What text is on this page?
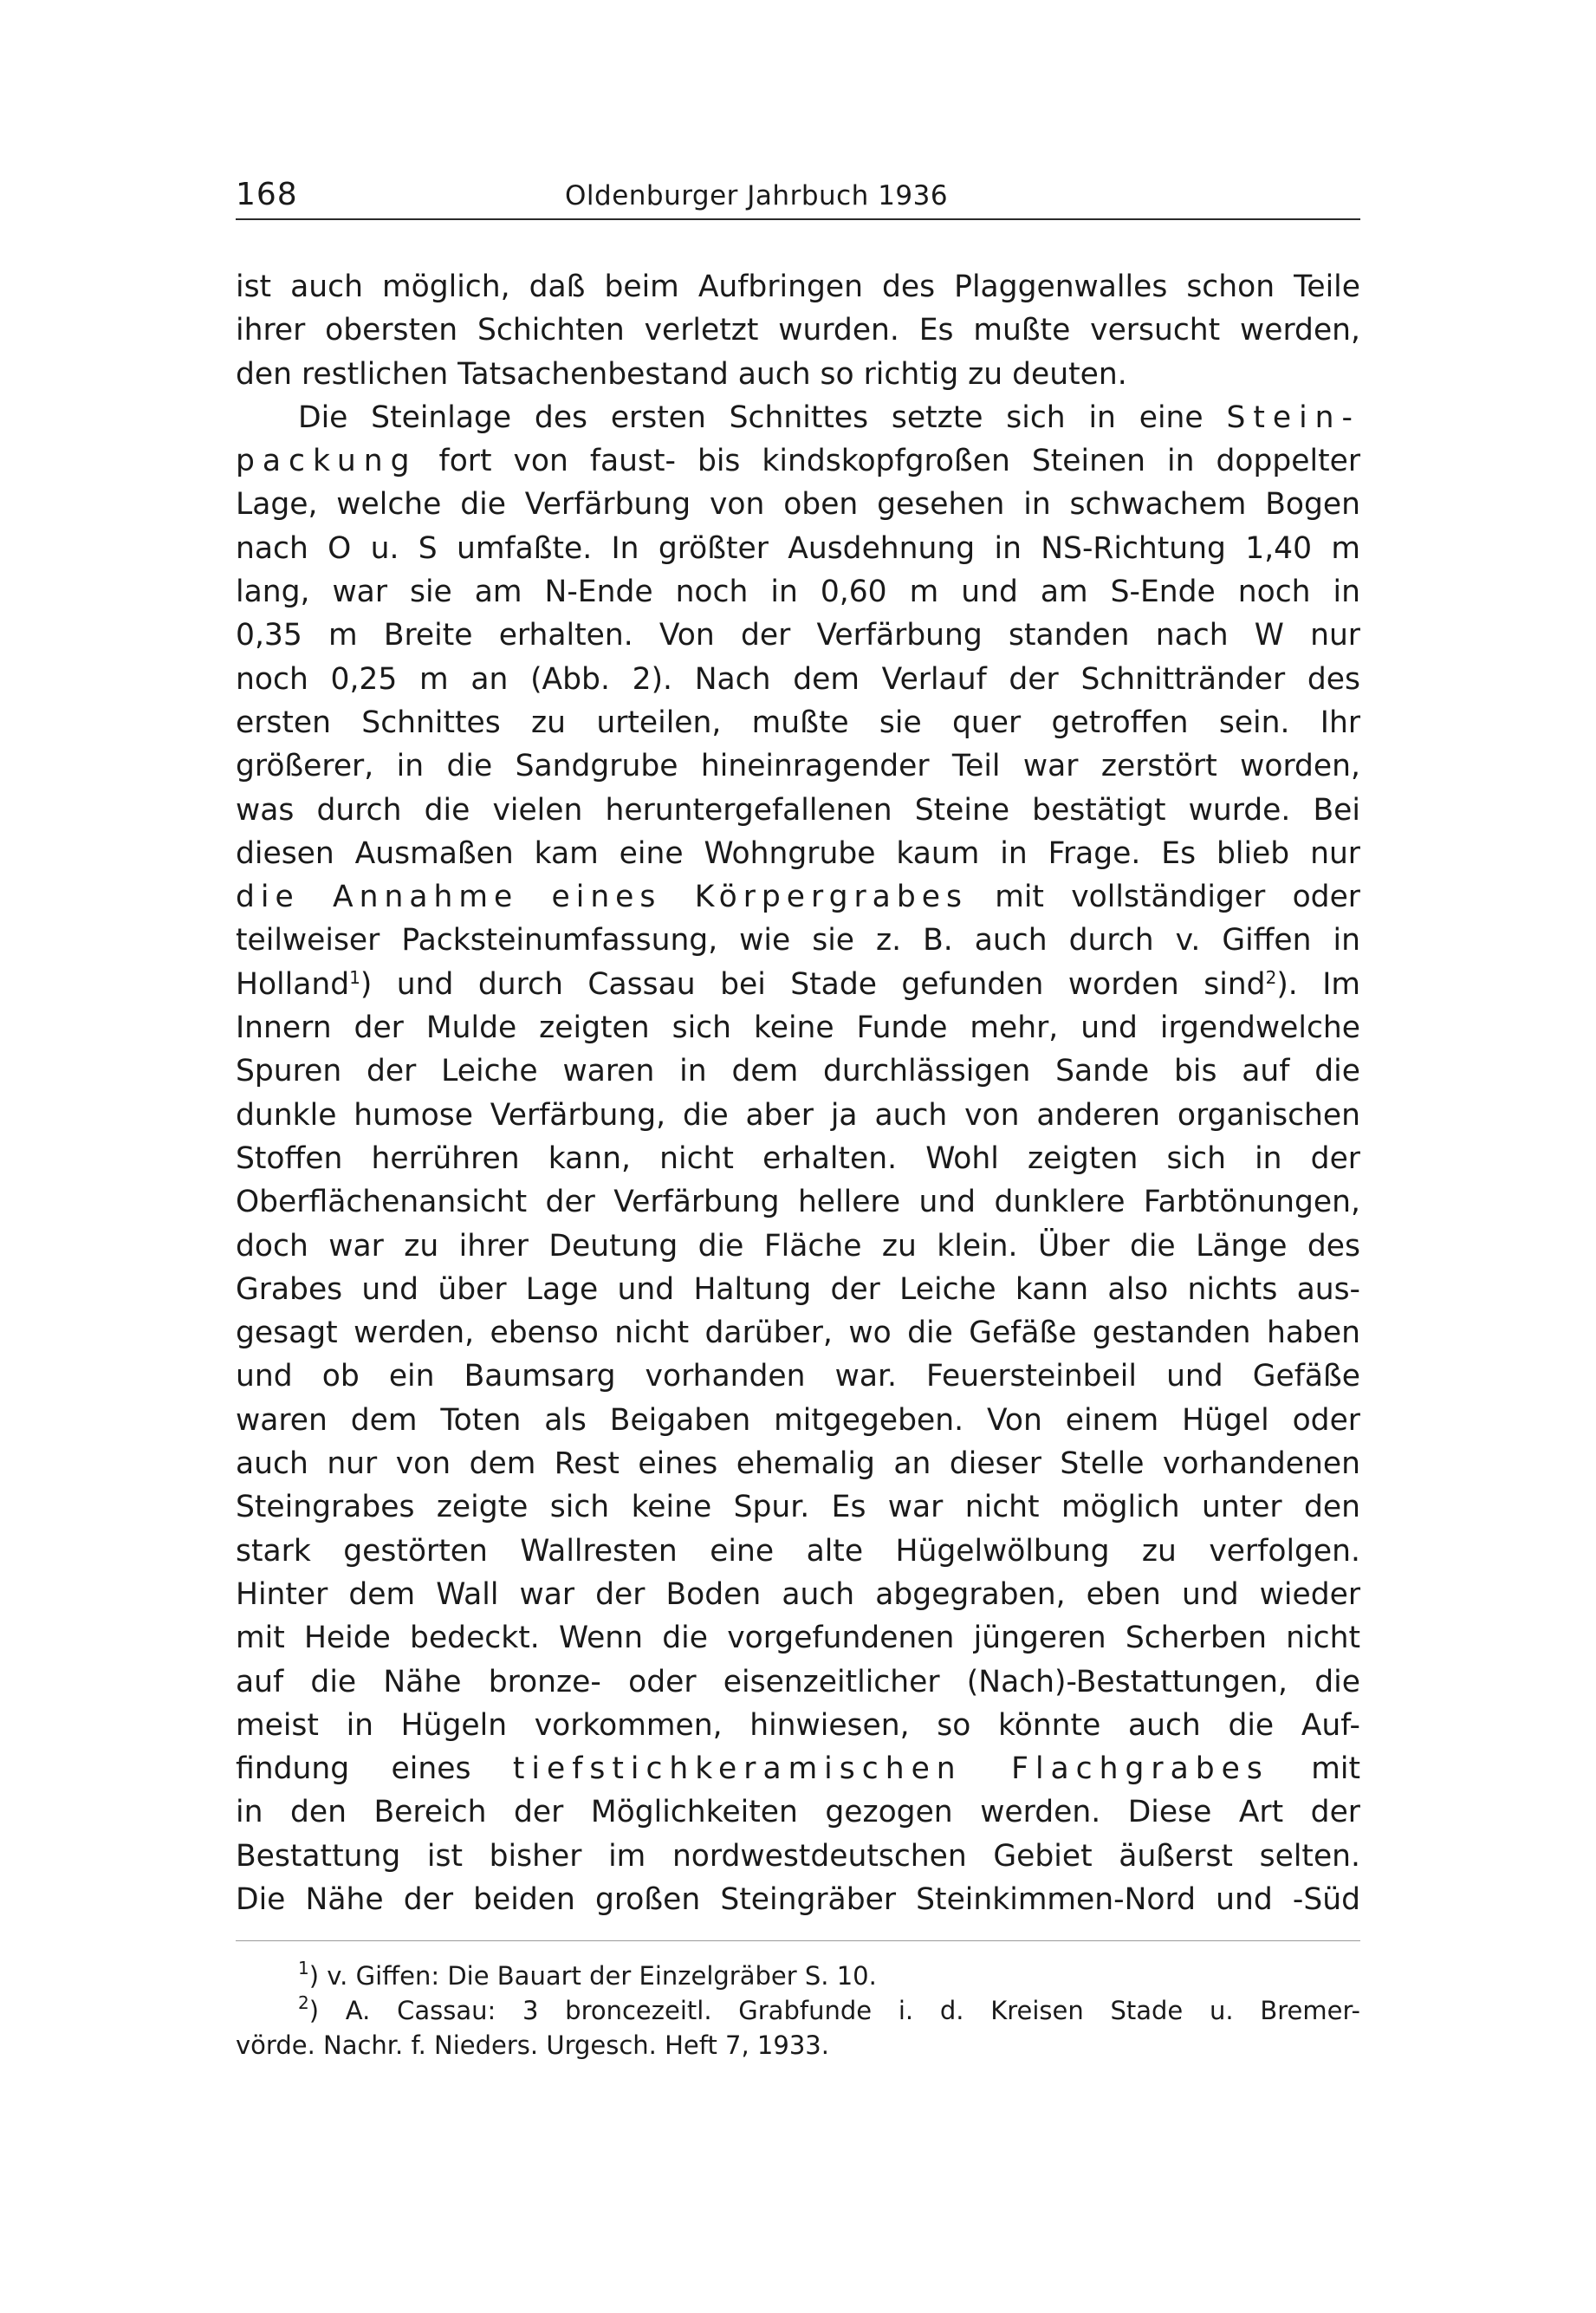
168	Oldenburger Jahrbuch 1936
ist auch möglich, daß beim Aufbringen des Plaggenwalles schon Teile
ihrer obersten Schichten verletzt wurden. Es mußte versucht werden,
den restlichen Tatsachenbestand auch so richtig zu deuten.
Die Steinlage des ersten Schnittes setzte sich in eine Stein-
packung fort von faust- bis kindskopfgroßen Steinen in doppelter
Lage, welche die Verfärbung von oben gesehen in schwachem Bogen
nach O u. S umfaßte. In größter Ausdehnung in NS-Richtung 1,40 m
lang, war sie am N-Ende noch in 0,60 m und am S-Ende noch in
0,35 m Breite erhalten. Von der Verfärbung standen nach W nur
noch 0,25 m an (Abb. 2). Nach dem Verlauf der Schnittränder des
ersten Schnittes zu urteilen, mußte sie quer getroffen sein. Ihr
größerer, in die Sandgrube hineinragender Teil war zerstört worden,
was durch die vielen heruntergefallenen Steine bestätigt wurde. Bei
diesen Ausmaßen kam eine Wohngrube kaum in Frage. Es blieb nur
die Annahme eines Körpergrabes mit vollständiger oder
teilweiser Packsteinumfassung, wie sie z. B. auch durch v. Giffen in
Holland$^1$) und durch Cassau bei Stade gefunden worden sind$^2$). Im
Innern der Mulde zeigten sich keine Funde mehr, und irgendwelche
Spuren der Leiche waren in dem durchlässigen Sande bis auf die
dunkle humose Verfärbung, die aber ja auch von anderen organischen
Stoffen herrühren kann, nicht erhalten. Wohl zeigten sich in der
Oberflächenansicht der Verfärbung hellere und dunklere Farbtönungen,
doch war zu ihrer Deutung die Fläche zu klein. Über die Länge des
Grabes und über Lage und Haltung der Leiche kann also nichts aus-
gesagt werden, ebenso nicht darüber, wo die Gefäße gestanden haben
und ob ein Baumsarg vorhanden war. Feuersteinbeil und Gefäße
waren dem Toten als Beigaben mitgegeben. Von einem Hügel oder
auch nur von dem Rest eines ehemalig an dieser Stelle vorhandenen
Steingrabes zeigte sich keine Spur. Es war nicht möglich unter den
stark gestörten Wallresten eine alte Hügelwölbung zu verfolgen.
Hinter dem Wall war der Boden auch abgegraben, eben und wieder
mit Heide bedeckt. Wenn die vorgefundenen jüngeren Scherben nicht
auf die Nähe bronze- oder eisenzeitlicher (Nach)-Bestattungen, die
meist in Hügeln vorkommen, hinwiesen, so könnte auch die Auf-
findung eines tiefstichkeramischen Flachgrabes mit
in den Bereich der Möglichkeiten gezogen werden. Diese Art der
Bestattung ist bisher im nordwestdeutschen Gebiet äußerst selten.
Die Nähe der beiden großen Steingräber Steinkimmen-Nord und -Süd
$^1$) v. Giffen: Die Bauart der Einzelgräber S. 10.
$^2$) A. Cassau: 3 broncezeitl. Grabfunde i. d. Kreisen Stade u. Bremer-
vörde. Nachr. f. Nieders. Urgesch. Heft 7, 1933.
